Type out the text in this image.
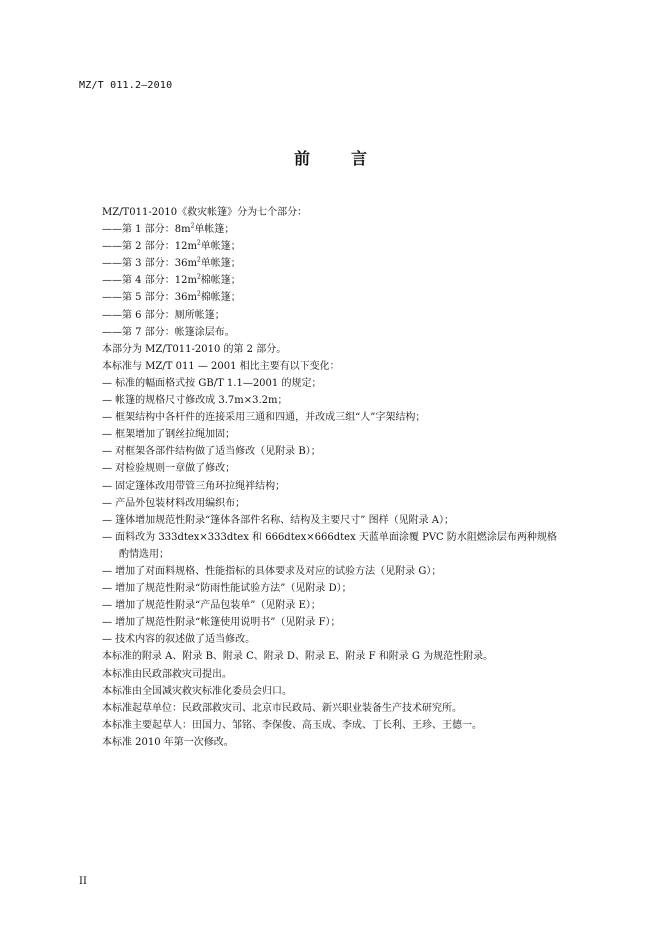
MZ/T 011.2—2010
前	言
MZ/T011-2010《救灾帐篷》分为七个部分：
——第 1 部分：$8m^2$单帐篷；
——第 2 部分：$12m^2$单帐篷；
——第 3 部分：$36m^2$单帐篷；
——第 4 部分：$12m^2$棉帐篷；
——第 5 部分：$36m^2$棉帐篷；
——第 6 部分：厕所帐篷；
——第 7 部分：帐篷涂层布。
本部分为 MZ/T011-2010 的第 2 部分。
本标准与 MZ/T 011 — 2001 相比主要有以下变化：
— 标准的幅面格式按 GB/T 1.1—2001 的规定；
— 帐篷的规格尺寸修改成 3.7m×3.2m；
— 框架结构中各杆件的连接采用三通和四通，并改成三组“人”字架结构；
— 框架增加了钢丝拉绳加固；
— 对框架各部件结构做了适当修改（见附录 B）；
— 对检验规则一章做了修改；
— 固定篷体改用带管三角环拉绳袢结构；
— 产品外包装材料改用编织布；
— 篷体增加规范性附录“篷体各部件名称、结构及主要尺寸” 图样（见附录 A）；
— 面料改为 333dtex×333dtex 和 666dtex×666dtex 天蓝单面涂覆 PVC 防水阻燃涂层布两种规格
酌情选用；
— 增加了对面料规格、性能指标的具体要求及对应的试验方法（见附录 G）；
— 增加了规范性附录“防雨性能试验方法”（见附录 D）；
— 增加了规范性附录“产品包装单”（见附录 E）；
— 增加了规范性附录“帐篷使用说明书”（见附录 F）；
— 技术内容的叙述做了适当修改。
本标准的附录 A、附录 B、附录 C、附录 D、附录 E、附录 F 和附录 G 为规范性附录。
本标准由民政部救灾司提出。
本标准由全国减灾救灾标准化委员会归口。
本标准起草单位：民政部救灾司、北京市民政局、新兴职业装备生产技术研究所。
本标准主要起草人：田国力、邹铭、李保俊、高玉成、李成、丁长利、王珍、王德一。
本标准 2010 年第一次修改。
II
